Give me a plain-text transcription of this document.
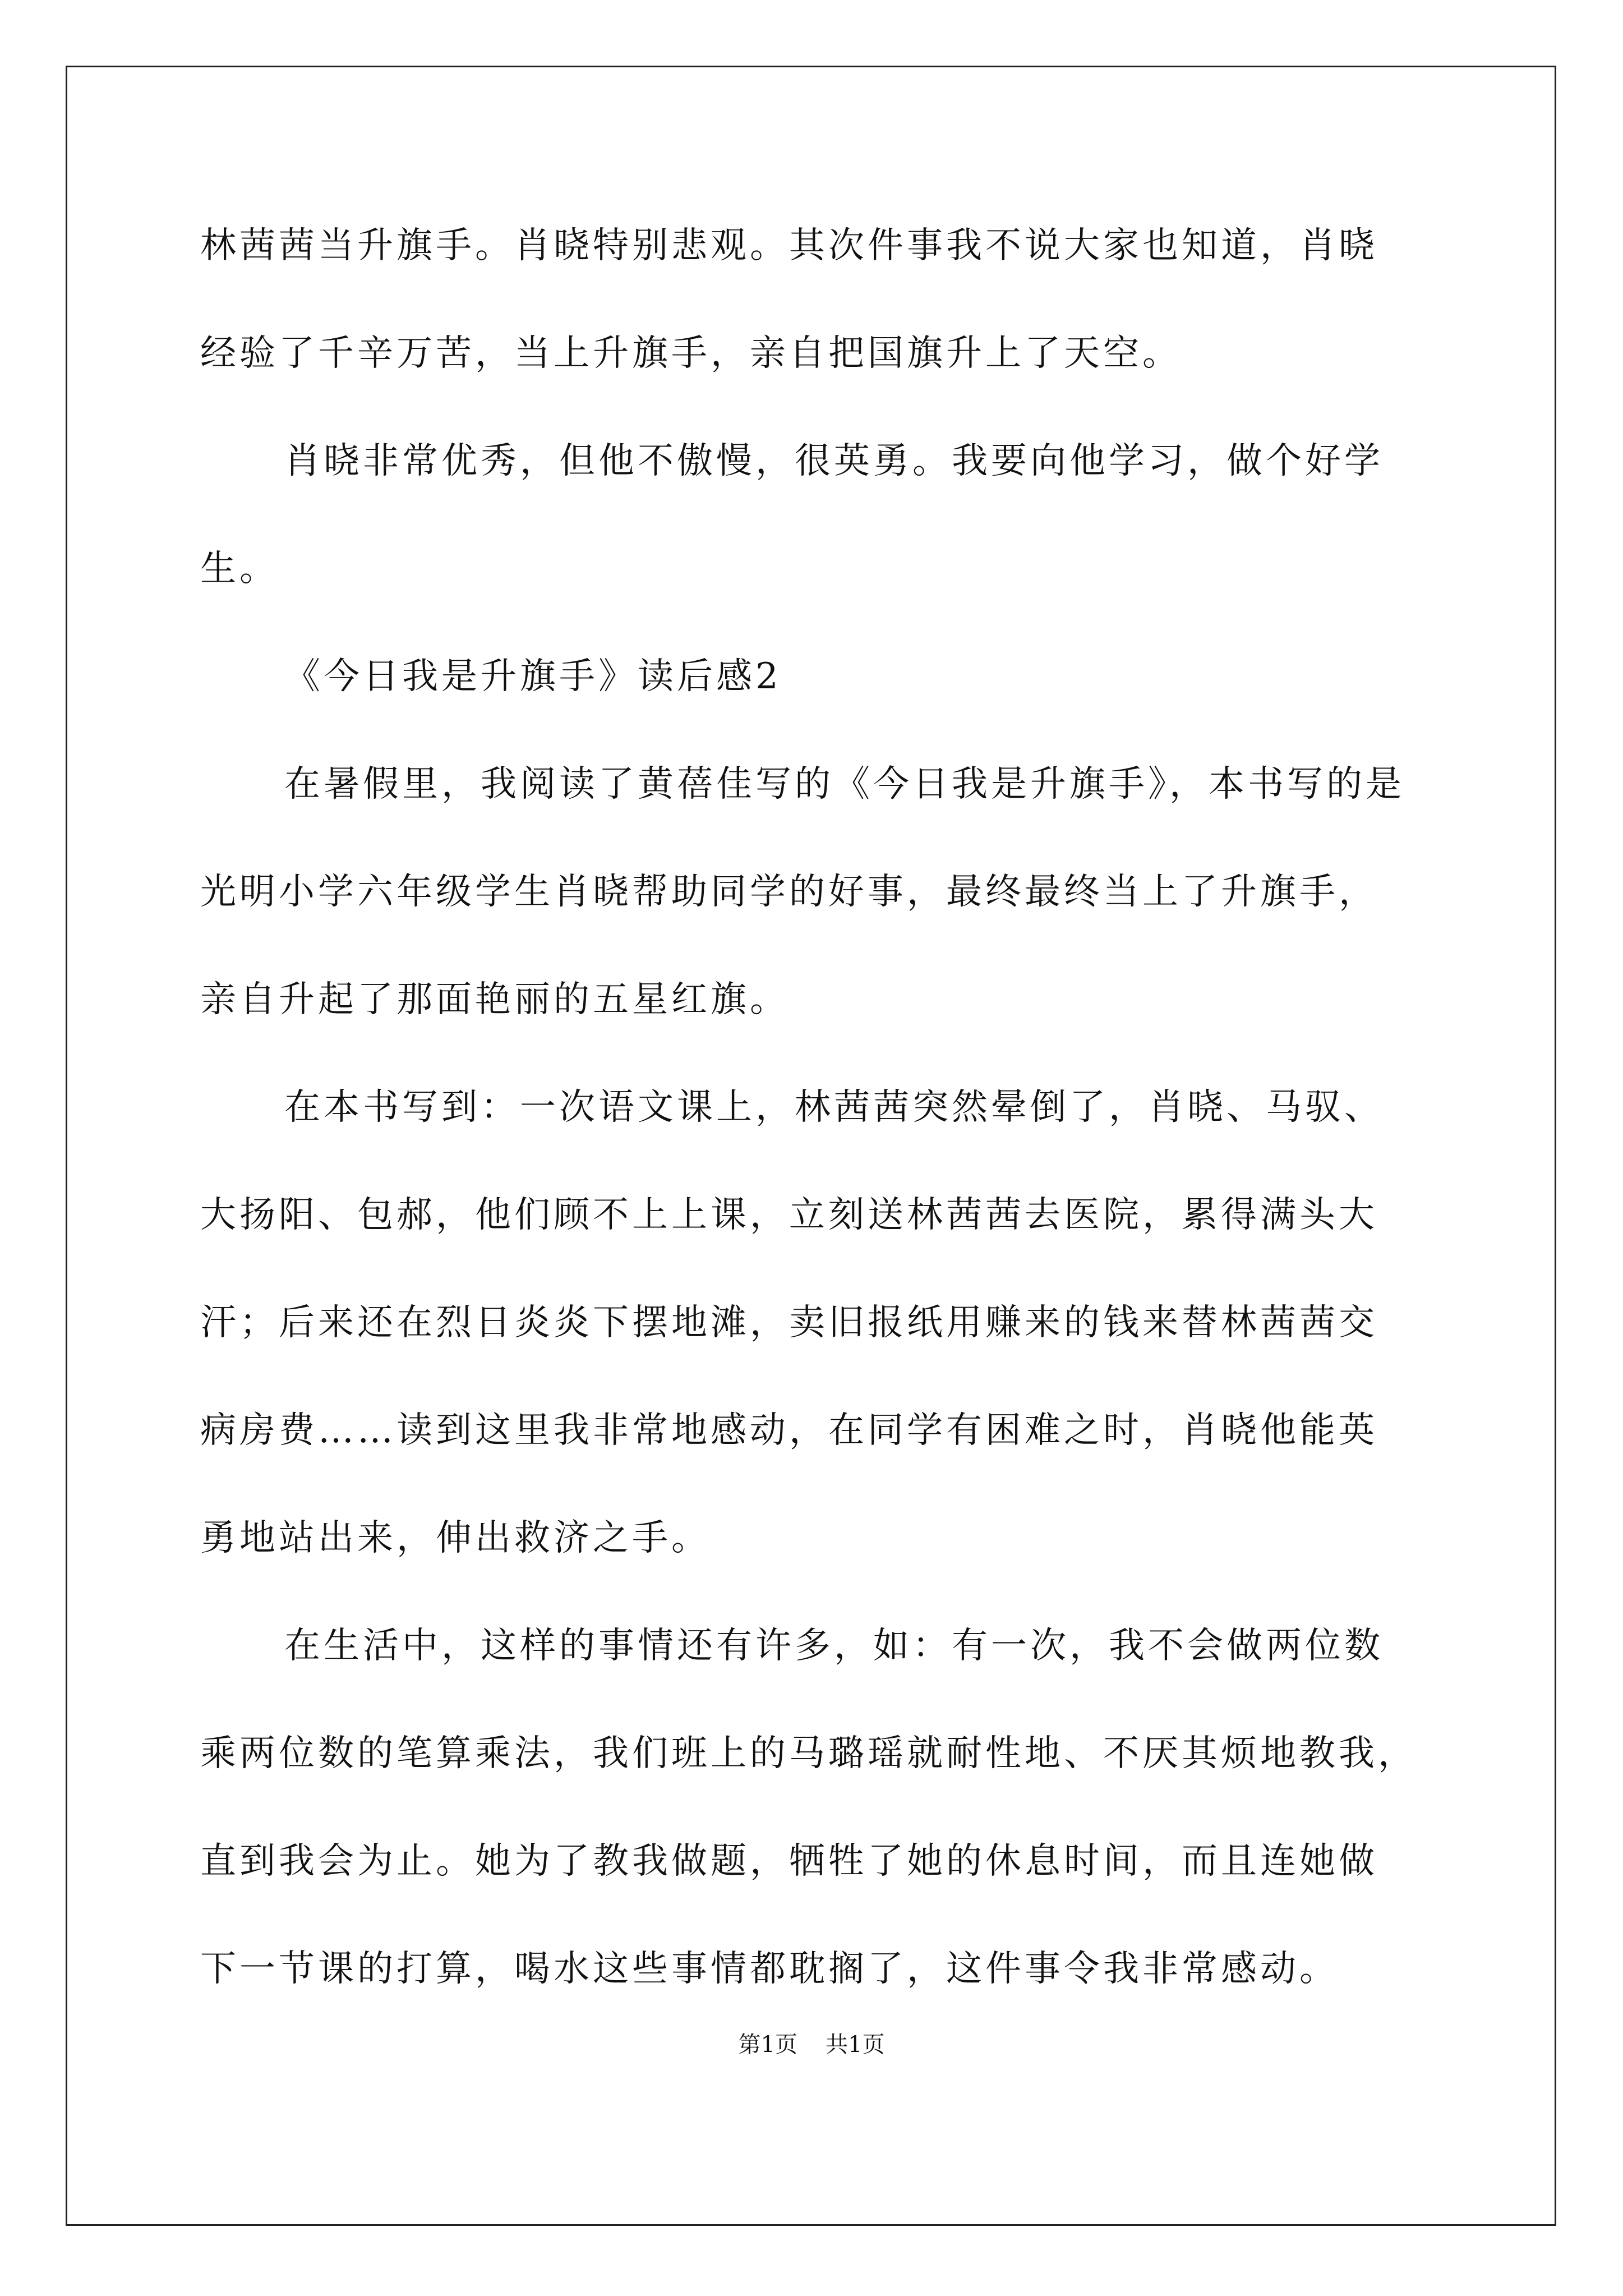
林茜茜当升旗手。肖晓特别悲观。其次件事我不说大家也知道，肖晓
经验了千辛万苦，当上升旗手，亲自把国旗升上了天空。
肖晓非常优秀，但他不傲慢，很英勇。我要向他学习，做个好学
生。
《今日我是升旗手》读后感2
在暑假里，我阅读了黄蓓佳写的《今日我是升旗手》，本书写的是
光明小学六年级学生肖晓帮助同学的好事，最终最终当上了升旗手，
亲自升起了那面艳丽的五星红旗。
在本书写到：一次语文课上，林茜茜突然晕倒了，肖晓、马驭、
大扬阳、包郝，他们顾不上上课，立刻送林茜茜去医院，累得满头大
汗；后来还在烈日炎炎下摆地滩，卖旧报纸用赚来的钱来替林茜茜交
病房费……读到这里我非常地感动，在同学有困难之时，肖晓他能英
勇地站出来，伸出救济之手。
在生活中，这样的事情还有许多，如：有一次，我不会做两位数
乘两位数的笔算乘法，我们班上的马璐瑶就耐性地、不厌其烦地教我，
直到我会为止。她为了教我做题，牺牲了她的休息时间，而且连她做
下一节课的打算，喝水这些事情都耽搁了，这件事令我非常感动。
第1页 共1页
